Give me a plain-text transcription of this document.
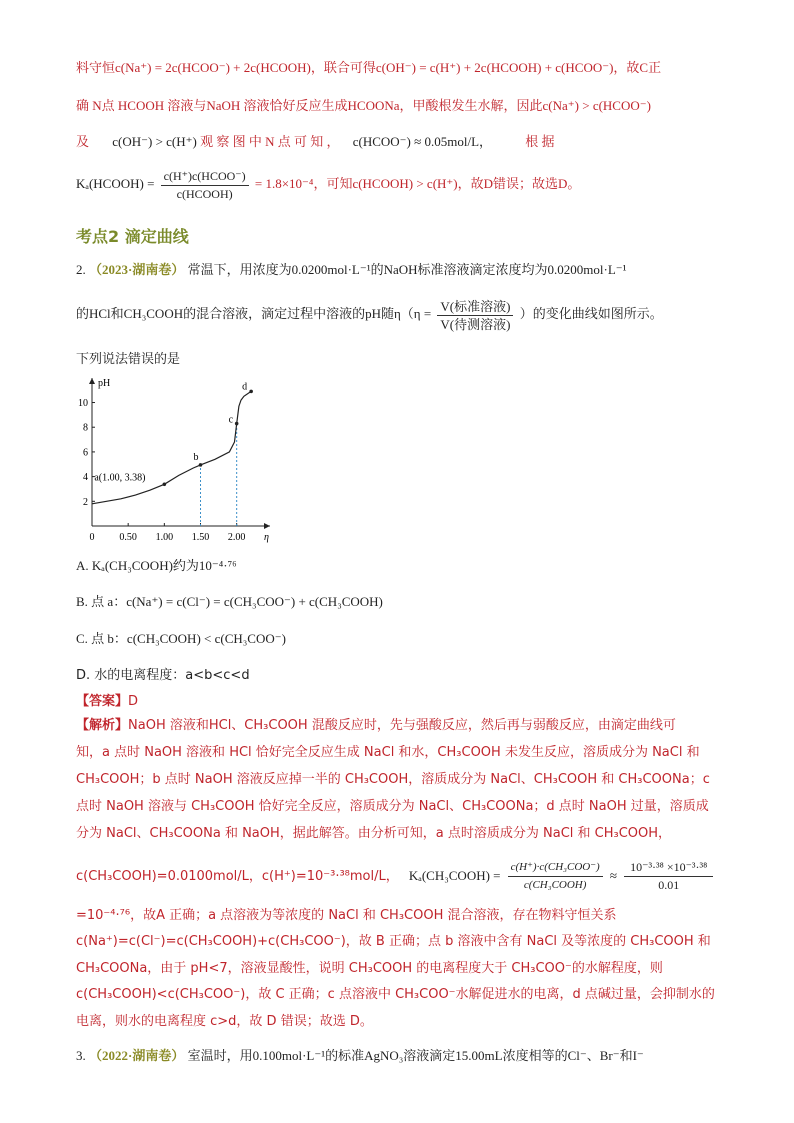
料守恒c(Na⁺) = 2c(HCOO⁻) + 2c(HCOOH)，联合可得c(OH⁻) = c(H⁺) + 2c(HCOOH) + c(HCOO⁻)，故C正
确 N点 HCOOH 溶液与NaOH 溶液恰好反应生成HCOONa，甲酸根发生水解，因此c(Na⁺) > c(HCOO⁻)
及 c(OH⁻) > c(H⁺) 观 察 图 中 N 点 可 知 ， c(HCOO⁻) ≈ 0.05mol/L，	根 据
Kₐ(HCOOH) = $\frac{\text{c(H⁺)c(HCOO⁻)}}{\text{c(HCOOH)}} = 1.8\times 10^{-4}$，可知c(HCOOH) > c(H⁺)，故D错误；故选D。
考点2 滴定曲线
2. （2023·湖南卷） 常温下，用浓度为0.0200mol·L⁻¹的NaOH标准溶液滴定浓度均为0.0200mol·L⁻¹
的HCl和CH₃COOH的混合溶液，滴定过程中溶液的pH随$\eta(\eta = \frac{\text{V(标准溶液)}}{\text{V(待测溶液)}}$ ）的变化曲线如图所示。
下列说法错误的是
pH
η
0 0.50 1.00 1.50 2.00
2
4
6
8
10
a(1.00, 3.38)
b
c
d
A. Kₐ(CH₃COOH)约为10⁻⁴·⁷⁶
B. 点 a：c(Na⁺) = c(Cl⁻) = c(CH₃COO⁻) + c(CH₃COOH)
C. 点 b：c(CH₃COOH) < c(CH₃COO⁻)
D. 水的电离程度：a<b<c<d
【答案】D
【解析】NaOH 溶液和HCl、CH₃COOH 混酸反应时，先与强酸反应，然后再与弱酸反应，由滴定曲线可
知，a 点时 NaOH 溶液和 HCl 恰好完全反应生成 NaCl 和水，CH₃COOH 未发生反应，溶质成分为 NaCl 和
CH₃COOH；b 点时 NaOH 溶液反应掉一半的 CH₃COOH，溶质成分为 NaCl、CH₃COOH 和 CH₃COONa；c
点时 NaOH 溶液与 CH₃COOH 恰好完全反应，溶质成分为 NaCl、CH₃COONa；d 点时 NaOH 过量，溶质成
分为 NaCl、CH₃COONa 和 NaOH，据此解答。由分析可知，a 点时溶质成分为 NaCl 和 CH₃COOH，
c(CH₃COOH)=0.0100mol/L，c(H⁺)=10⁻³·³⁸mol/L， Kₐ(CH₃COOH) = $\frac{\text{c(H⁺)·c(CH₃COO⁻)}}{\text{c(CH₃COOH)}} \approx \frac{\text{10⁻³·³⁸ ×10⁻³·³⁸}}{0.01}$
=10⁻⁴·⁷⁶，故A 正确；a 点溶液为等浓度的 NaCl 和 CH₃COOH 混合溶液，存在物料守恒关系
c(Na⁺)=c(Cl⁻)=c(CH₃COOH)+c(CH₃COO⁻)，故 B 正确；点 b 溶液中含有 NaCl 及等浓度的 CH₃COOH 和
CH₃COONa，由于 pH<7，溶液显酸性，说明 CH₃COOH 的电离程度大于 CH₃COO⁻的水解程度，则
c(CH₃COOH)<c(CH₃COO⁻)，故 C 正确；c 点溶液中 CH₃COO⁻水解促进水的电离，d 点碱过量，会抑制水的
电离，则水的电离程度 c>d，故 D 错误；故选 D。
3. （2022·湖南卷） 室温时，用0.100mol·L⁻¹的标准AgNO₃溶液滴定15.00mL浓度相等的Cl⁻、Br⁻和I⁻
